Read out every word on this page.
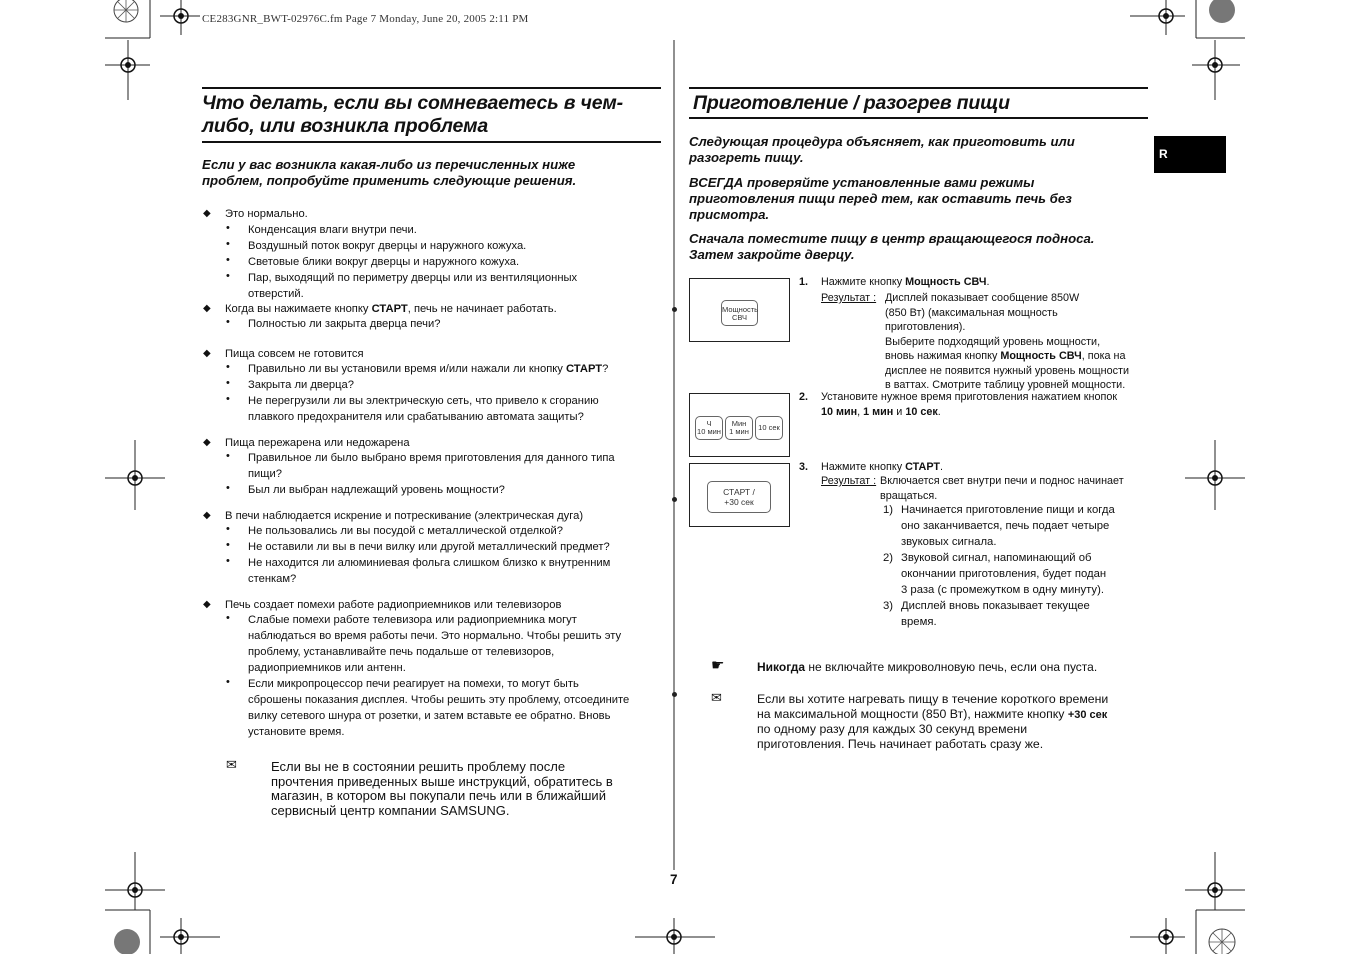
CE283GNR_BWT-02976C.fm Page 7 Monday, June 20, 2005 2:11 PM
Что делать, если вы сомневаетесь в чем-
либо, или возникла проблема
Если у вас возникла какая-либо из перечисленных ниже
проблем, попробуйте применить следующие решения.
◆ Это нормально.
• Конденсация влаги внутри печи.
• Воздушный поток вокруг дверцы и наружного кожуха.
• Световые блики вокруг дверцы и наружного кожуха.
• Пар, выходящий по периметру дверцы или из вентиляционных
отверстий.
◆ Когда вы нажимаете кнопку СТАРТ, печь не начинает работать.
• Полностью ли закрыта дверца печи?
◆ Пища совсем не готовится
• Правильно ли вы установили время и/или нажали ли кнопку СТАРТ?
• Закрыта ли дверца?
• Не перегрузили ли вы электрическую сеть, что привело к сгоранию
плавкого предохранителя или срабатыванию автомата защиты?
◆ Пища пережарена или недожарена
• Правильное ли было выбрано время приготовления для данного типа
пищи?
• Был ли выбран надлежащий уровень мощности?
◆ В печи наблюдается искрение и потрескивание (электрическая дуга)
• Не пользовались ли вы посудой с металлической отделкой?
• Не оставили ли вы в печи вилку или другой металлический предмет?
• Не находится ли алюминиевая фольга слишком близко к внутренним
стенкам?
◆ Печь создает помехи работе радиоприемников или телевизоров
• Слабые помехи работе телевизора или радиоприемника могут
наблюдаться во время работы печи. Это нормально. Чтобы решить эту
проблему, устанавливайте печь подальше от телевизоров,
радиоприемников или антенн.
• Если микропроцессор печи реагирует на помехи, то могут быть
сброшены показания дисплея. Чтобы решить эту проблему, отсоедините
вилку сетевого шнура от розетки, и затем вставьте ее обратно. Вновь
установите время.
✉	Если вы не в состоянии решить проблему после
прочтения приведенных выше инструкций, обратитесь в
магазин, в котором вы покупали печь или в ближайший
сервисный центр компании SAMSUNG.
Приготовление / разогрев пищи
Следующая процедура объясняет, как приготовить или
разогреть пищу.
ВСЕГДА проверяйте установленные вами режимы
приготовления пищи перед тем, как оставить печь без
присмотра.
Сначала поместите пищу в центр вращающегося подноса.
Затем закройте дверцу.
Мощность
СВЧ
Ч
10 мин
Мин
1 мин	10 сек
СТАРТ /
+30 сек
1. Нажмите кнопку Мощность СВЧ.
Результат : Дисплей показывает сообщение 850W
(850 Вт) (максимальная мощность
приготовления).
Выберите подходящий уровень мощности,
вновь нажимая кнопку Мощность СВЧ, пока на
дисплее не появится нужный уровень мощности
в ваттах. Смотрите таблицу уровней мощности.
2. Установите нужное время приготовления нажатием кнопок
10 мин, 1 мин и 10 сек.
3. Нажмите кнопку СТАРТ.
Результат : Включается свет внутри печи и поднос начинает
вращаться.
1) Начинается приготовление пищи и когда
оно заканчивается, печь подает четыре
звуковых сигнала.
2) Звуковой сигнал, напоминающий об
окончании приготовления, будет подан
3 раза (с промежутком в одну минуту).
3) Дисплей вновь показывает текущее
время.
☛	Никогда не включайте микроволновую печь, если она пуста.
✉	Если вы хотите нагревать пищу в течение короткого времени
на максимальной мощности (850 Вт), нажмите кнопку +30 сек
по одному разу для каждых 30 секунд времени
приготовления. Печь начинает работать сразу же.
7
R
